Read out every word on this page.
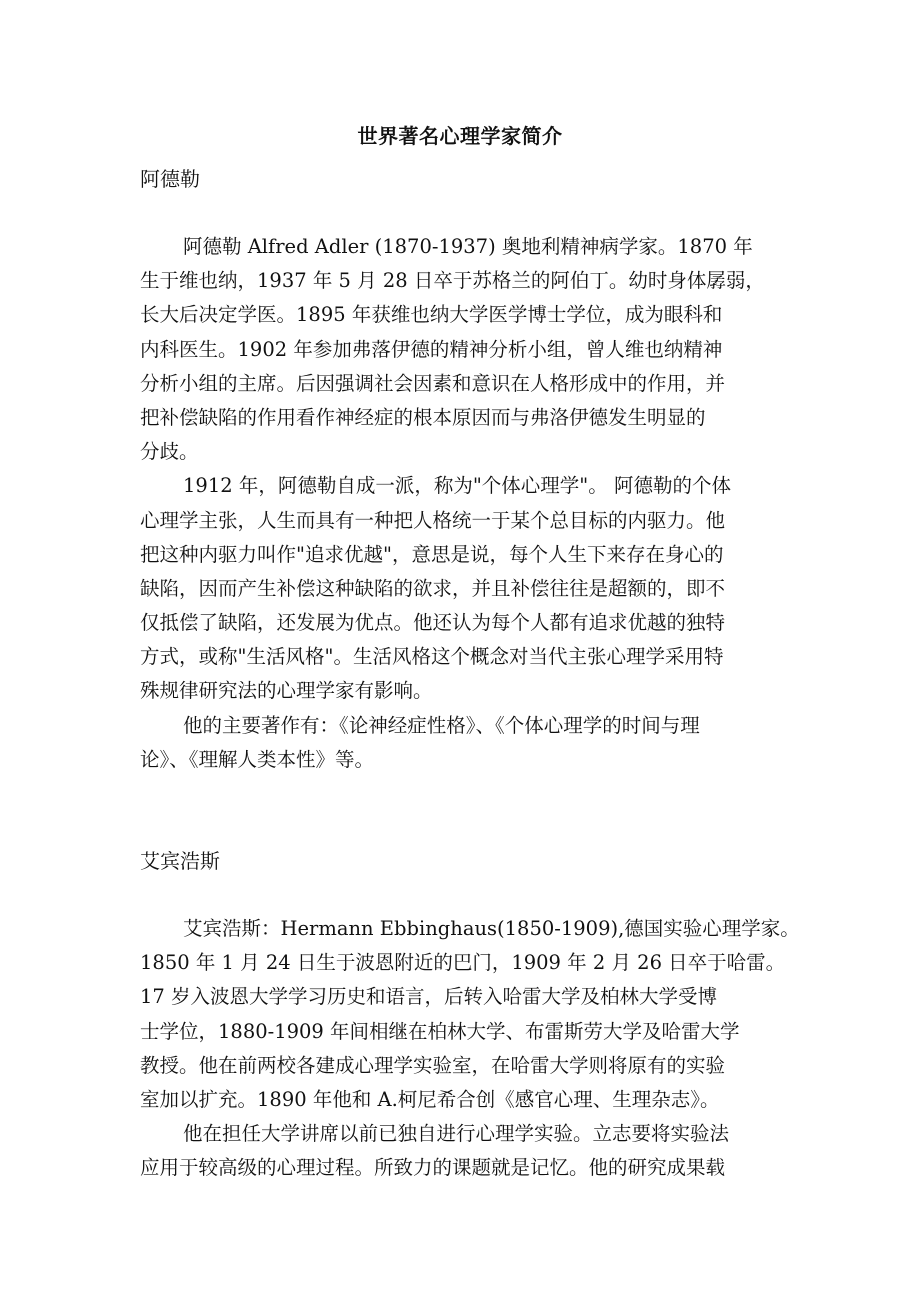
世界著名心理学家简介
阿德勒
阿德勒 Alfred Adler (1870-1937) 奥地利精神病学家。1870 年
生于维也纳，1937 年 5 月 28 日卒于苏格兰的阿伯丁。幼时身体孱弱，
长大后决定学医。1895 年获维也纳大学医学博士学位，成为眼科和
内科医生。1902 年参加弗落伊德的精神分析小组，曾人维也纳精神
分析小组的主席。后因强调社会因素和意识在人格形成中的作用，并
把补偿缺陷的作用看作神经症的根本原因而与弗洛伊德发生明显的
分歧。
1912 年，阿德勒自成一派，称为"个体心理学"。 阿德勒的个体
心理学主张，人生而具有一种把人格统一于某个总目标的内驱力。他
把这种内驱力叫作"追求优越"，意思是说，每个人生下来存在身心的
缺陷，因而产生补偿这种缺陷的欲求，并且补偿往往是超额的，即不
仅抵偿了缺陷，还发展为优点。他还认为每个人都有追求优越的独特
方式，或称"生活风格"。生活风格这个概念对当代主张心理学采用特
殊规律研究法的心理学家有影响。
他的主要著作有：《论神经症性格》、《个体心理学的时间与理
论》、《理解人类本性》等。
艾宾浩斯
艾宾浩斯：Hermann Ebbinghaus(1850-1909),德国实验心理学家。
1850 年 1 月 24 日生于波恩附近的巴门，1909 年 2 月 26 日卒于哈雷。
17 岁入波恩大学学习历史和语言，后转入哈雷大学及柏林大学受博
士学位，1880-1909 年间相继在柏林大学、布雷斯劳大学及哈雷大学
教授。他在前两校各建成心理学实验室，在哈雷大学则将原有的实验
室加以扩充。1890 年他和 A.柯尼希合创《感官心理、生理杂志》。
他在担任大学讲席以前已独自进行心理学实验。立志要将实验法
应用于较高级的心理过程。所致力的课题就是记忆。他的研究成果载
